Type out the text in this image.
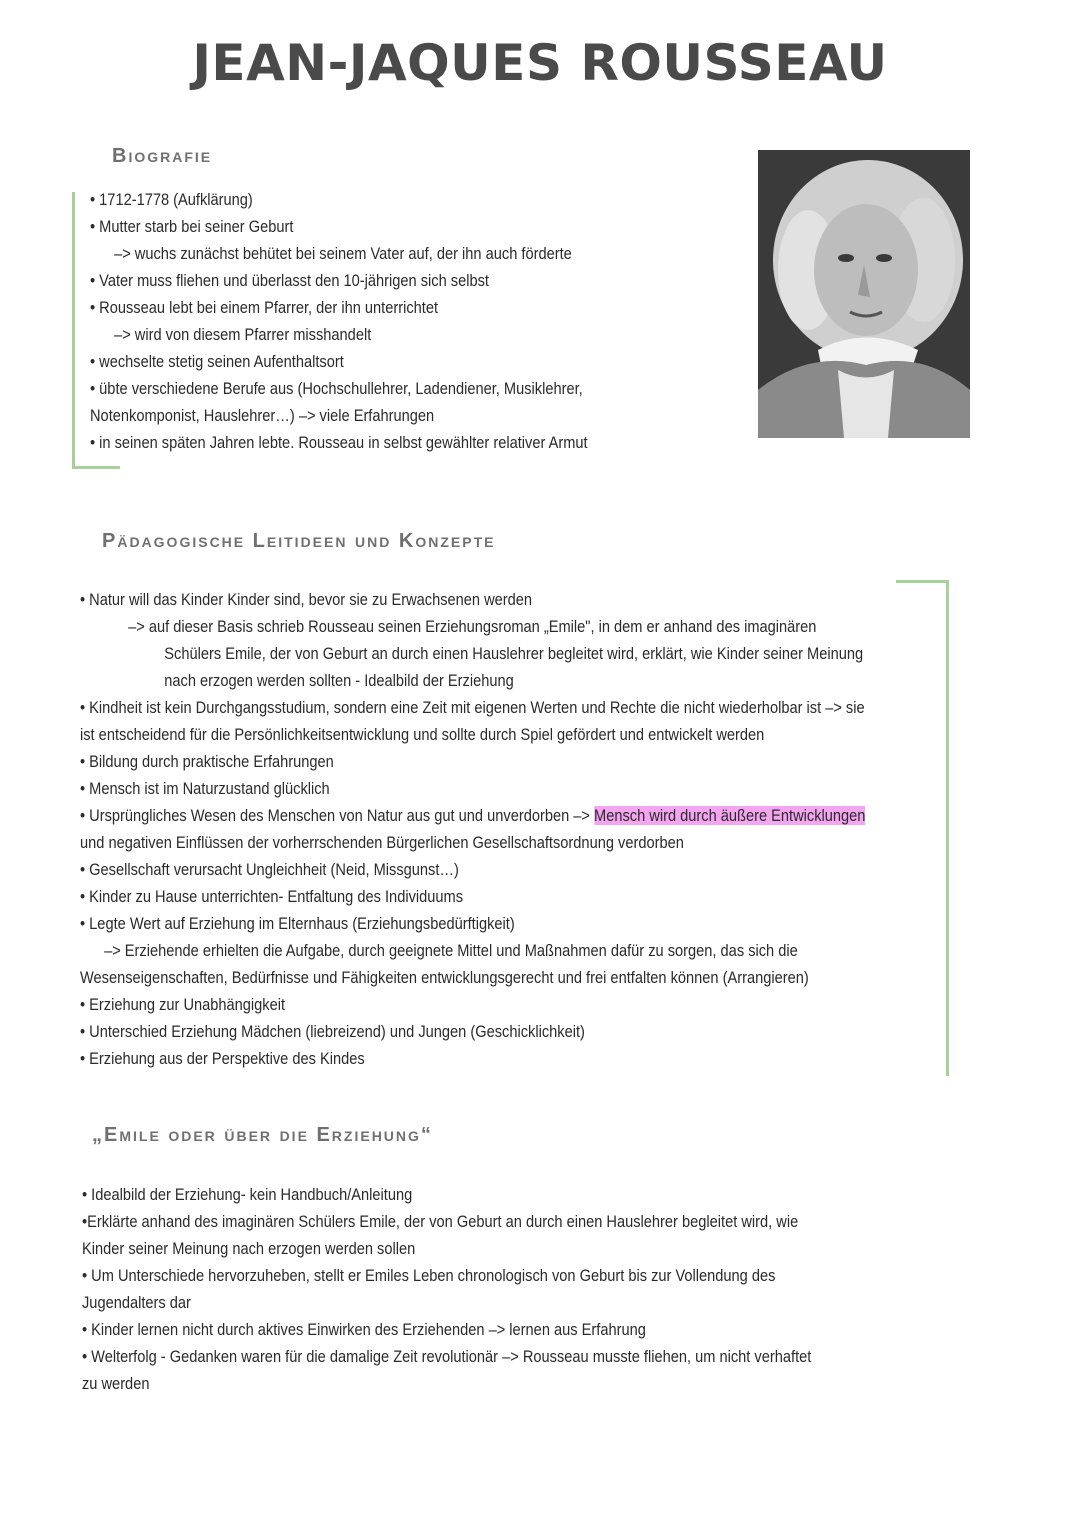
JEAN-JAQUES ROUSSEAU
Biografie
• 1712-1778 (Aufklärung)
• Mutter starb bei seiner Geburt
–> wuchs zunächst behütet bei seinem Vater auf, der ihn auch förderte
• Vater muss fliehen und überlasst den 10-jährigen sich selbst
• Rousseau lebt bei einem Pfarrer, der ihn unterrichtet
–> wird von diesem Pfarrer misshandelt
• wechselte stetig seinen Aufenthaltsort
• übte verschiedene Berufe aus (Hochschullehrer, Ladendiener, Musiklehrer,
Notenkomponist, Hauslehrer…) –> viele Erfahrungen
• in seinen späten Jahren lebte. Rousseau in selbst gewählter relativer Armut
Pädagogische Leitideen und Konzepte
• Natur will das Kinder Kinder sind, bevor sie zu Erwachsenen werden
–> auf dieser Basis schrieb Rousseau seinen Erziehungsroman „Emile", in dem er anhand des imaginären
Schülers Emile, der von Geburt an durch einen Hauslehrer begleitet wird, erklärt, wie Kinder seiner Meinung
nach erzogen werden sollten - Idealbild der Erziehung
• Kindheit ist kein Durchgangsstudium, sondern eine Zeit mit eigenen Werten und Rechte die nicht wiederholbar ist –> sie
ist entscheidend für die Persönlichkeitsentwicklung und sollte durch Spiel gefördert und entwickelt werden
• Bildung durch praktische Erfahrungen
• Mensch ist im Naturzustand glücklich
• Ursprüngliches Wesen des Menschen von Natur aus gut und unverdorben –> Mensch wird durch äußere Entwicklungen
und negativen Einflüssen der vorherrschenden Bürgerlichen Gesellschaftsordnung verdorben
• Gesellschaft verursacht Ungleichheit (Neid, Missgunst…)
• Kinder zu Hause unterrichten- Entfaltung des Individuums
• Legte Wert auf Erziehung im Elternhaus (Erziehungsbedürftigkeit)
–> Erziehende erhielten die Aufgabe, durch geeignete Mittel und Maßnahmen dafür zu sorgen, das sich die
Wesenseigenschaften, Bedürfnisse und Fähigkeiten entwicklungsgerecht und frei entfalten können (Arrangieren)
• Erziehung zur Unabhängigkeit
• Unterschied Erziehung Mädchen (liebreizend) und Jungen (Geschicklichkeit)
• Erziehung aus der Perspektive des Kindes
„Emile oder über die Erziehung“
• Idealbild der Erziehung- kein Handbuch/Anleitung
•Erklärte anhand des imaginären Schülers Emile, der von Geburt an durch einen Hauslehrer begleitet wird, wie
Kinder seiner Meinung nach erzogen werden sollen
• Um Unterschiede hervorzuheben, stellt er Emiles Leben chronologisch von Geburt bis zur Vollendung des
Jugendalters dar
• Kinder lernen nicht durch aktives Einwirken des Erziehenden –> lernen aus Erfahrung
• Welterfolg - Gedanken waren für die damalige Zeit revolutionär –> Rousseau musste fliehen, um nicht verhaftet
zu werden
